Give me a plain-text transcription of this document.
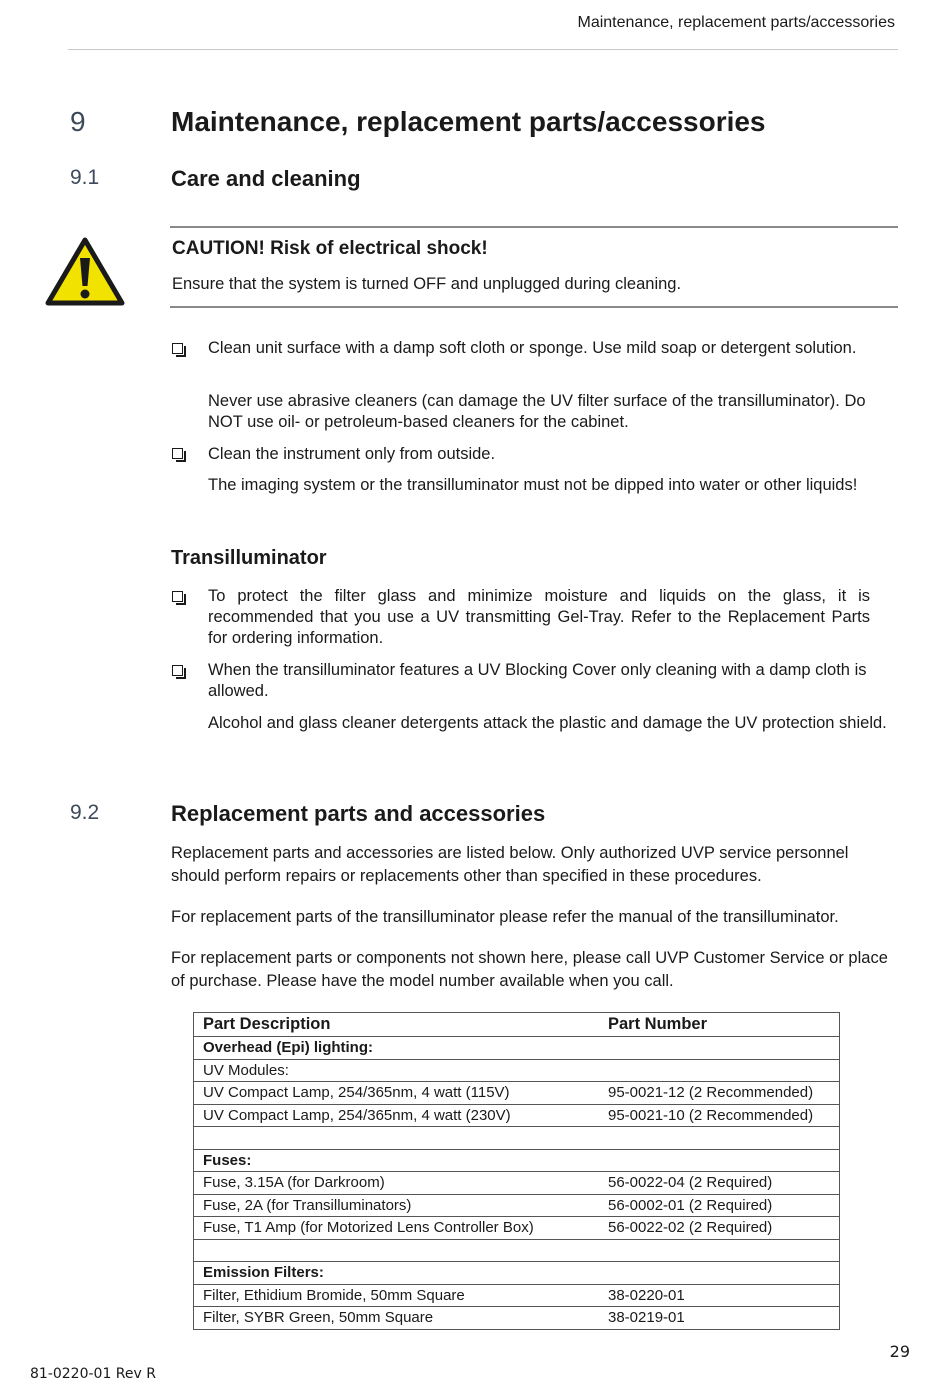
Maintenance, replacement parts/accessories
9	Maintenance, replacement parts/accessories
9.1	Care and cleaning
CAUTION! Risk of electrical shock!
Ensure that the system is turned OFF and unplugged during cleaning.
Clean unit surface with a damp soft cloth or sponge. Use mild soap or detergent solution.
Never use abrasive cleaners (can damage the UV filter surface of the transilluminator). Do NOT use oil- or petroleum-based cleaners for the cabinet.
Clean the instrument only from outside.
The imaging system or the transilluminator must not be dipped into water or other liquids!
Transilluminator
To protect the filter glass and minimize moisture and liquids on the glass, it is recommended that you use a UV transmitting Gel-Tray. Refer to the Replacement Parts for ordering information.
When the transilluminator features a UV Blocking Cover only cleaning with a damp cloth is allowed.
Alcohol and glass cleaner detergents attack the plastic and damage the UV protection shield.
9.2	Replacement parts and accessories
Replacement parts and accessories are listed below. Only authorized UVP service personnel should perform repairs or replacements other than specified in these procedures.
For replacement parts of the transilluminator please refer the manual of the transilluminator.
For replacement parts or components not shown here, please call UVP Customer Service or place of purchase. Please have the model number available when you call.
Part Description	Part Number
Overhead (Epi) lighting:	
UV Modules:	
UV Compact Lamp, 254/365nm, 4 watt (115V)	95-0021-12 (2 Recommended)
UV Compact Lamp, 254/365nm, 4 watt (230V)	95-0021-10 (2 Recommended)

Fuses:	
Fuse, 3.15A (for Darkroom)	56-0022-04 (2 Required)
Fuse, 2A (for Transilluminators)	56-0002-01 (2 Required)
Fuse, T1 Amp (for Motorized Lens Controller Box)	56-0022-02 (2 Required)

Emission Filters:	
Filter, Ethidium Bromide, 50mm Square	38-0220-01
Filter, SYBR Green, 50mm Square	38-0219-01
29
81-0220-01 Rev R
